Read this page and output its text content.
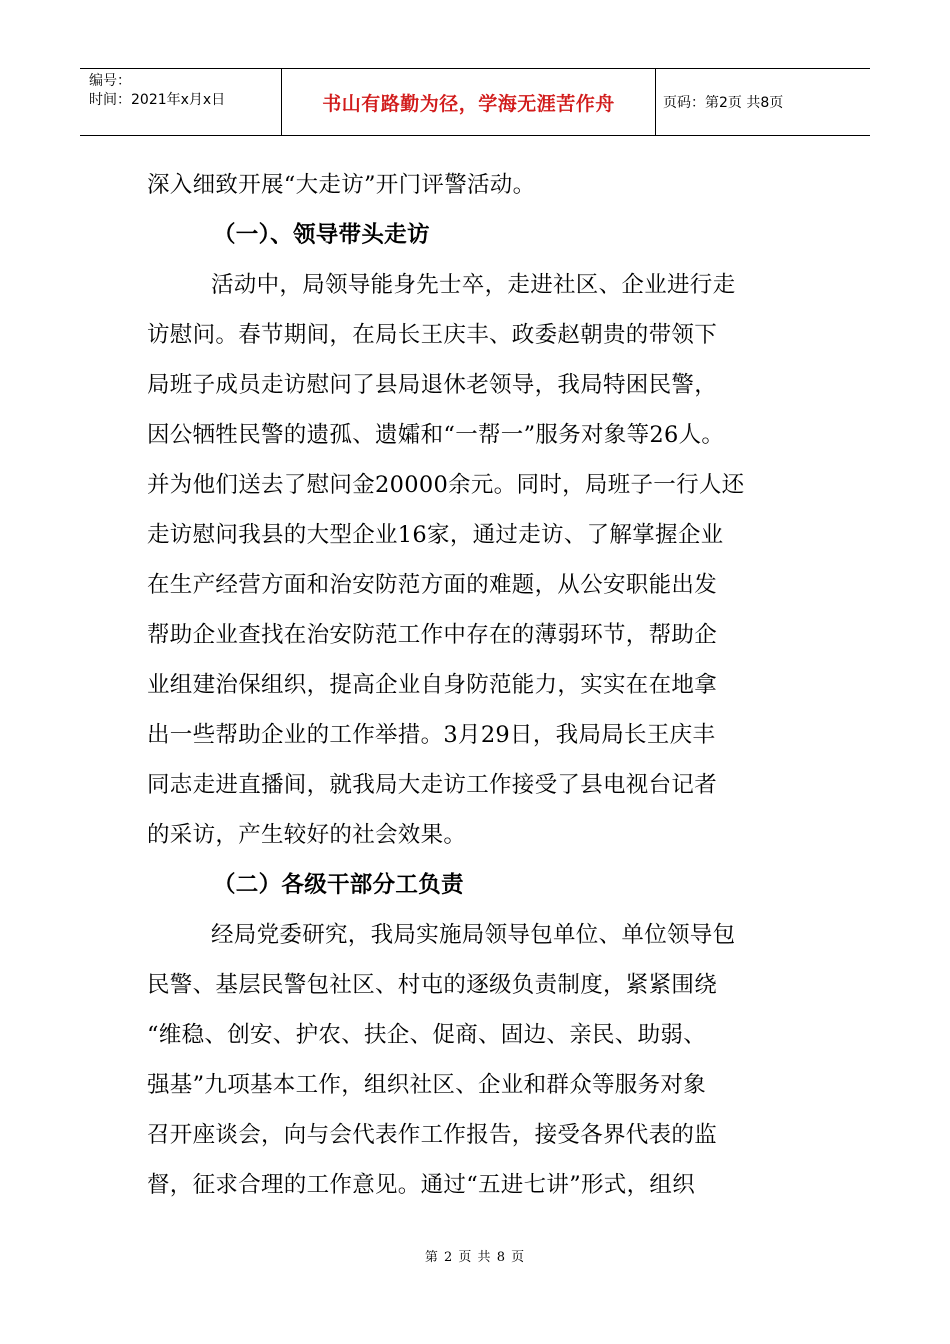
编号：
时间：2021年x月x日	书山有路勤为径，学海无涯苦作舟	页码：第2页 共8页
深入细致开展“大走访”开门评警活动。
（一）、领导带头走访
活动中，局领导能身先士卒，走进社区、企业进行走
访慰问。春节期间，在局长王庆丰、政委赵朝贵的带领下
局班子成员走访慰问了县局退休老领导，我局特困民警，
因公牺牲民警的遗孤、遗孀和“一帮一”服务对象等26人。
并为他们送去了慰问金20000余元。同时，局班子一行人还
走访慰问我县的大型企业16家，通过走访、了解掌握企业
在生产经营方面和治安防范方面的难题，从公安职能出发
帮助企业查找在治安防范工作中存在的薄弱环节，帮助企
业组建治保组织，提高企业自身防范能力，实实在在地拿
出一些帮助企业的工作举措。3月29日，我局局长王庆丰
同志走进直播间，就我局大走访工作接受了县电视台记者
的采访，产生较好的社会效果。
（二）各级干部分工负责
经局党委研究，我局实施局领导包单位、单位领导包
民警、基层民警包社区、村屯的逐级负责制度，紧紧围绕
“维稳、创安、护农、扶企、促商、固边、亲民、助弱、
强基”九项基本工作，组织社区、企业和群众等服务对象
召开座谈会，向与会代表作工作报告，接受各界代表的监
督，征求合理的工作意见。通过“五进七讲”形式，组织
第 2 页 共 8 页
